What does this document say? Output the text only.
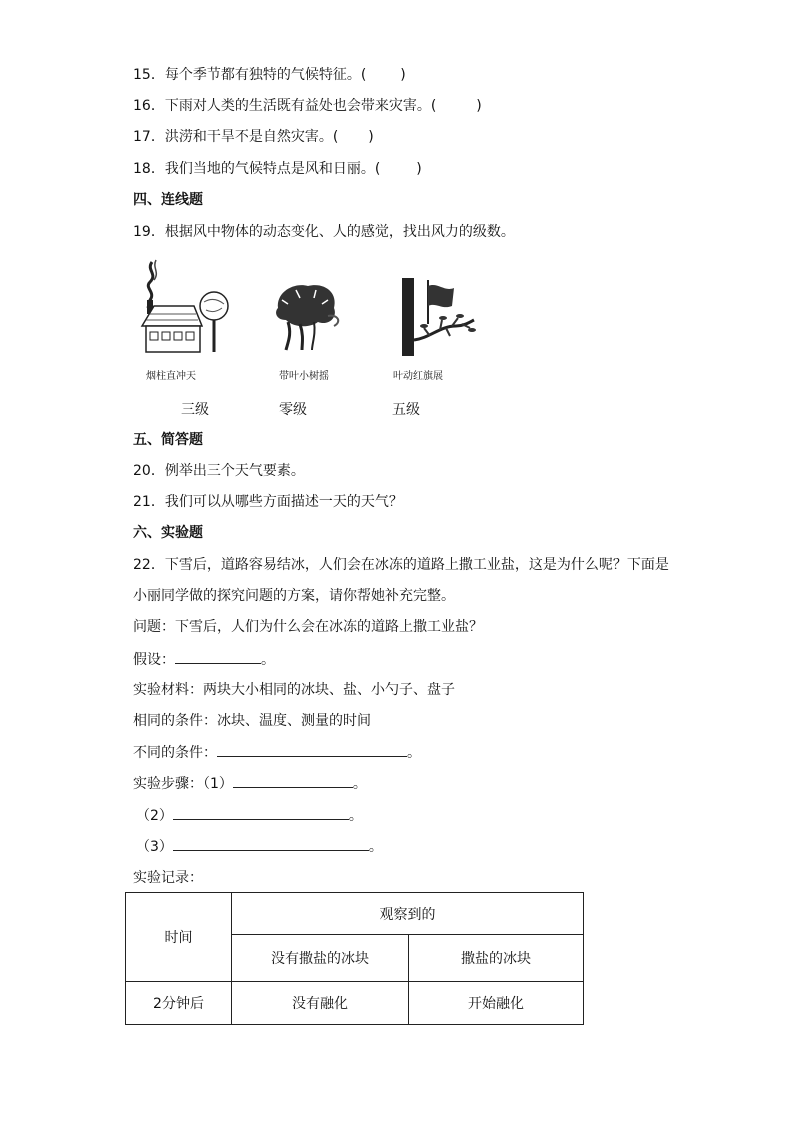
15．每个季节都有独特的气候特征。( )
16．下雨对人类的生活既有益处也会带来灾害。(	)
17．洪涝和干旱不是自然灾害。( )
18．我们当地的气候特点是风和日丽。(	)
四、连线题
19．根据风中物体的动态变化、人的感觉，找出风力的级数。
烟柱直冲天	带叶小树摇	叶动红旗展
三级	零级	五级
五、简答题
20．例举出三个天气要素。
21．我们可以从哪些方面描述一天的天气？
六、实验题
22．下雪后，道路容易结冰，人们会在冰冻的道路上撒工业盐，这是为什么呢？下面是
小丽同学做的探究问题的方案，请你帮她补充完整。
问题：下雪后，人们为什么会在冰冻的道路上撒工业盐？
假设：	。
实验材料：两块大小相同的冰块、盐、小勺子、盘子
相同的条件：冰块、温度、测量的时间
不同的条件：	。
实验步骤：（1）	。
（2）	。
（3）	。
实验记录：
时间	观察到的	
	没有撒盐的冰块	撒盐的冰块
2分钟后	没有融化	开始融化
